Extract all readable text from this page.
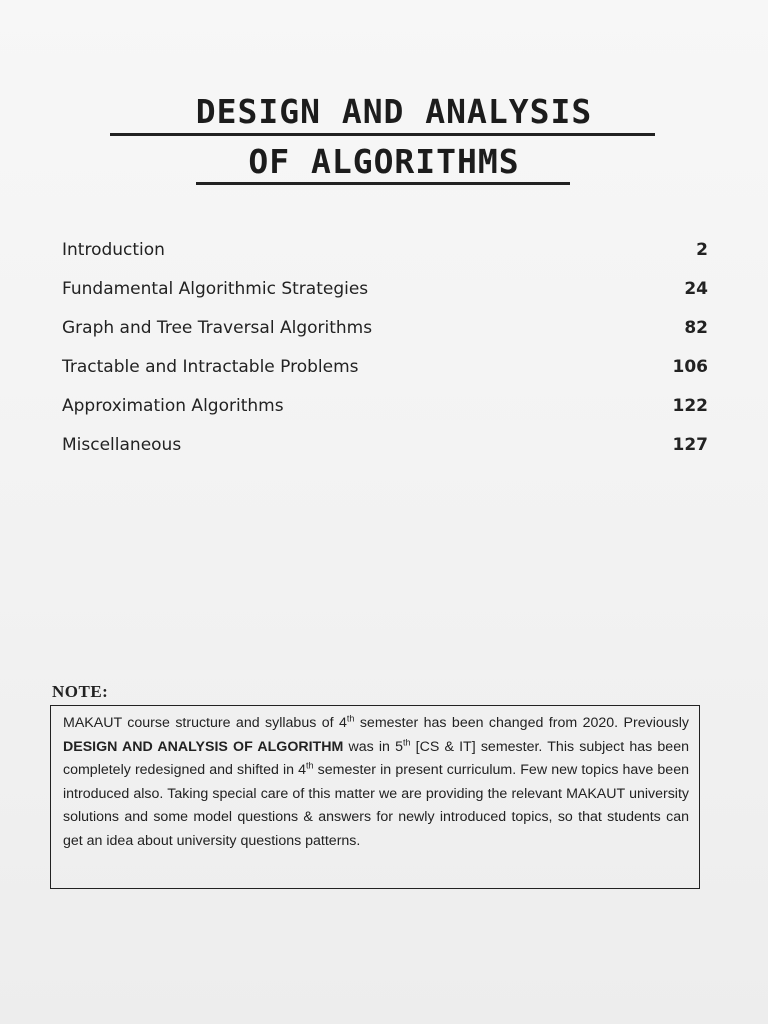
DESIGN AND ANALYSIS
OF ALGORITHMS
Introduction	2
Fundamental Algorithmic Strategies	24
Graph and Tree Traversal Algorithms	82
Tractable and Intractable Problems	106
Approximation Algorithms	122
Miscellaneous	127
NOTE:
MAKAUT course structure and syllabus of 4th semester has been changed from 2020. Previously DESIGN AND ANALYSIS OF ALGORITHM was in 5th [CS & IT] semester. This subject has been completely redesigned and shifted in 4th semester in present curriculum. Few new topics have been introduced also. Taking special care of this matter we are providing the relevant MAKAUT university solutions and some model questions & answers for newly introduced topics, so that students can get an idea about university questions patterns.
